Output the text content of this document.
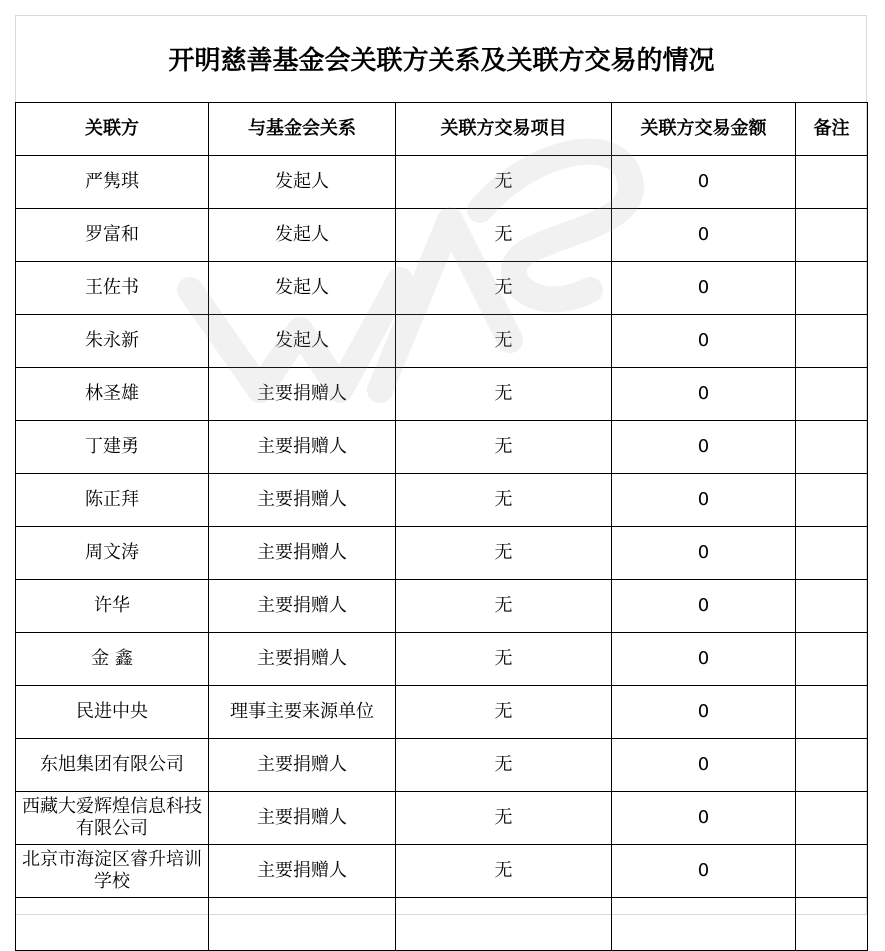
开明慈善基金会关联方关系及关联方交易的情况
关联方	与基金会关系	关联方交易项目	关联方交易金额	备注
严隽琪	发起人	无	0	
罗富和	发起人	无	0	
王佐书	发起人	无	0	
朱永新	发起人	无	0	
林圣雄	主要捐赠人	无	0	
丁建勇	主要捐赠人	无	0	
陈正拜	主要捐赠人	无	0	
周文涛	主要捐赠人	无	0	
许华	主要捐赠人	无	0	
金 鑫	主要捐赠人	无	0	
民进中央	理事主要来源单位	无	0	
东旭集团有限公司	主要捐赠人	无	0	
西藏大爱辉煌信息科技有限公司	主要捐赠人	无	0	
北京市海淀区睿升培训学校	主要捐赠人	无	0	
